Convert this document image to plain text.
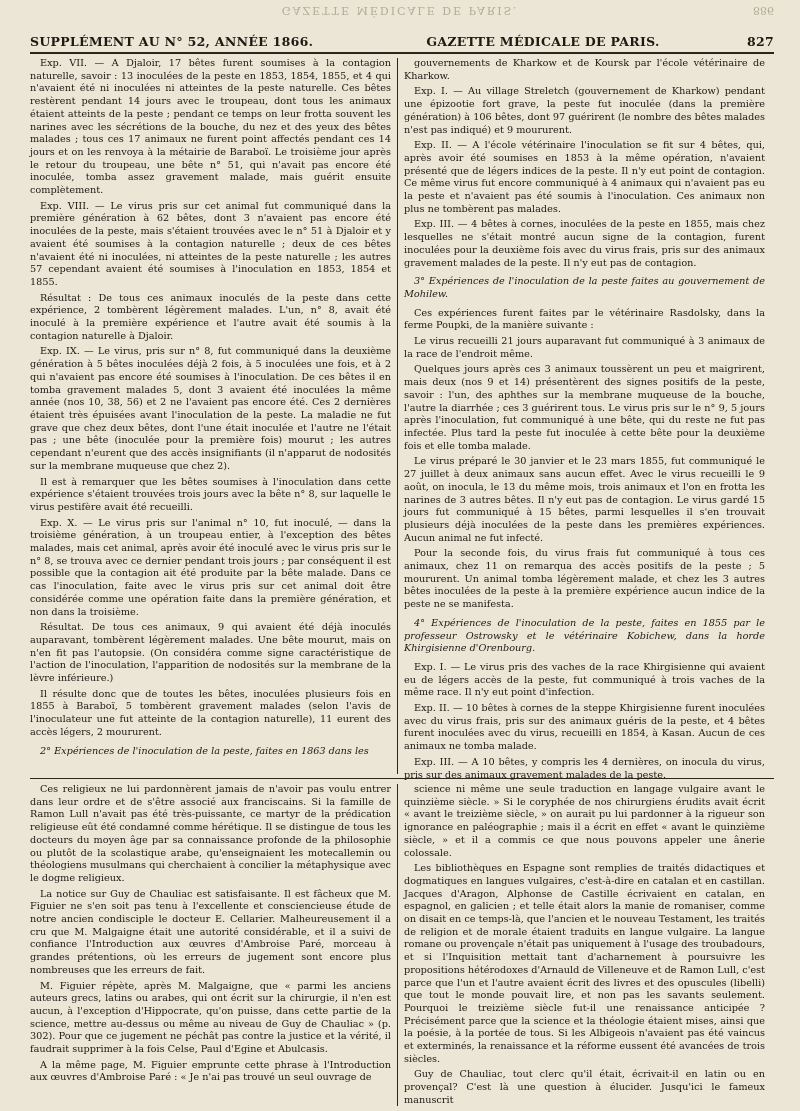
GAZETTE MÉDICALE DE PARIS.	886
SUPPLÉMENT AU N° 52, ANNÉE 1866.	GAZETTE MÉDICALE DE PARIS.	827

Exp. VII. — A Djaloir, 17 bêtes furent soumises à la contagion naturelle, savoir : 13 inoculées de la peste en 1853, 1854, 1855, et 4 qui n'avaient été ni inoculées ni atteintes de la peste naturelle. Ces bêtes restèrent pendant 14 jours avec le troupeau, dont tous les animaux étaient atteints de la peste ; pendant ce temps on leur frotta souvent les narines avec les sécrétions de la bouche, du nez et des yeux des bêtes malades ; tous ces 17 animaux ne furent point affectés pendant ces 14 jours et on les renvoya à la métairie de Baraboï. Le troisième jour après le retour du troupeau, une bête n° 51, qui n'avait pas encore été inoculée, tomba assez gravement malade, mais guérit ensuite complètement.

Exp. VIII. — Le virus pris sur cet animal fut communiqué dans la première génération à 62 bêtes, dont 3 n'avaient pas encore été inoculées de la peste, mais s'étaient trouvées avec le n° 51 à Djaloir et y avaient été soumises à la contagion naturelle ; deux de ces bêtes n'avaient été ni inoculées, ni atteintes de la peste naturelle ; les autres 57 cependant avaient été soumises à l'inoculation en 1853, 1854 et 1855.

Résultat : De tous ces animaux inoculés de la peste dans cette expérience, 2 tombèrent légèrement malades. L'un, n° 8, avait été inoculé à la première expérience et l'autre avait été soumis à la contagion naturelle à Djaloir.

Exp. IX. — Le virus, pris sur n° 8, fut communiqué dans la deuxième génération à 5 bêtes inoculées déjà 2 fois, à 5 inoculées une fois, et à 2 qui n'avaient pas encore été soumises à l'inoculation. De ces bêtes il en tomba gravement malades 5, dont 3 avaient été inoculées la même année (nos 10, 38, 56) et 2 ne l'avaient pas encore été. Ces 2 dernières étaient très épuisées avant l'inoculation de la peste. La maladie ne fut grave que chez deux bêtes, dont l'une était inoculée et l'autre ne l'était pas ; une bête (inoculée pour la première fois) mourut ; les autres cependant n'eurent que des accès insignifiants (il n'apparut de nodosités sur la membrane muqueuse que chez 2).

Il est à remarquer que les bêtes soumises à l'inoculation dans cette expérience s'étaient trouvées trois jours avec la bête n° 8, sur laquelle le virus pestifère avait été recueilli.

Exp. X. — Le virus pris sur l'animal n° 10, fut inoculé, — dans la troisième génération, à un troupeau entier, à l'exception des bêtes malades, mais cet animal, après avoir été inoculé avec le virus pris sur le n° 8, se trouva avec ce dernier pendant trois jours ; par conséquent il est possible que la contagion ait été produite par la bête malade. Dans ce cas l'inoculation, faite avec le virus pris sur cet animal doit être considérée comme une opération faite dans la première génération, et non dans la troisième.

Résultat. De tous ces animaux, 9 qui avaient été déjà inoculés auparavant, tombèrent légèrement malades. Une bête mourut, mais on n'en fit pas l'autopsie. (On considéra comme signe caractéristique de l'action de l'inoculation, l'apparition de nodosités sur la membrane de la lèvre inférieure.)

Il résulte donc que de toutes les bêtes, inoculées plusieurs fois en 1855 à Baraboï, 5 tombèrent gravement malades (selon l'avis de l'inoculateur une fut atteinte de la contagion naturelle), 11 eurent des accès légers, 2 moururent.

2° Expériences de l'inoculation de la peste, faites en 1863 dans les

gouvernements de Kharkow et de Koursk par l'école vétérinaire de Kharkow.

Exp. I. — Au village Streletch (gouvernement de Kharkow) pendant une épizootie fort grave, la peste fut inoculée (dans la première génération) à 106 bêtes, dont 97 guérirent (le nombre des bêtes malades n'est pas indiqué) et 9 moururent.

Exp. II. — A l'école vétérinaire l'inoculation se fit sur 4 bêtes, qui, après avoir été soumises en 1853 à la même opération, n'avaient présenté que de légers indices de la peste. Il n'y eut point de contagion. Ce même virus fut encore communiqué à 4 animaux qui n'avaient pas eu la peste et n'avaient pas été soumis à l'inoculation. Ces animaux non plus ne tombèrent pas malades.

Exp. III. — 4 bêtes à cornes, inoculées de la peste en 1855, mais chez lesquelles ne s'était montré aucun signe de la contagion, furent inoculées pour la deuxième fois avec du virus frais, pris sur des animaux gravement malades de la peste. Il n'y eut pas de contagion.

3° Expériences de l'inoculation de la peste faites au gouvernement de Mohilew.

Ces expériences furent faites par le vétérinaire Rasdolsky, dans la ferme Poupki, de la manière suivante :

Le virus recueilli 21 jours auparavant fut communiqué à 3 animaux de la race de l'endroit même.

Quelques jours après ces 3 animaux toussèrent un peu et maigrirent, mais deux (nos 9 et 14) présentèrent des signes positifs de la peste, savoir : l'un, des aphthes sur la membrane muqueuse de la bouche, l'autre la diarrhée ; ces 3 guérirent tous. Le virus pris sur le n° 9, 5 jours après l'inoculation, fut communiqué à une bête, qui du reste ne fut pas infectée. Plus tard la peste fut inoculée à cette bête pour la deuxième fois et elle tomba malade.

Le virus préparé le 30 janvier et le 23 mars 1855, fut communiqué le 27 juillet à deux animaux sans aucun effet. Avec le virus recueilli le 9 août, on inocula, le 13 du même mois, trois animaux et l'on en frotta les narines de 3 autres bêtes. Il n'y eut pas de contagion. Le virus gardé 15 jours fut communiqué à 15 bêtes, parmi lesquelles il s'en trouvait plusieurs déjà inoculées de la peste dans les premières expériences. Aucun animal ne fut infecté.

Pour la seconde fois, du virus frais fut communiqué à tous ces animaux, chez 11 on remarqua des accès positifs de la peste ; 5 moururent. Un animal tomba légèrement malade, et chez les 3 autres bêtes inoculées de la peste à la première expérience aucun indice de la peste ne se manifesta.

4° Expériences de l'inoculation de la peste, faites en 1855 par le professeur Ostrowsky et le vétérinaire Kobichew, dans la horde Khirgisienne d'Orenbourg.

Exp. I. — Le virus pris des vaches de la race Khirgisienne qui avaient eu de légers accès de la peste, fut communiqué à trois vaches de la même race. Il n'y eut point d'infection.

Exp. II. — 10 bêtes à cornes de la steppe Khirgisienne furent inoculées avec du virus frais, pris sur des animaux guéris de la peste, et 4 bêtes furent inoculées avec du virus, recueilli en 1854, à Kasan. Aucun de ces animaux ne tomba malade.

Exp. III. — A 10 bêtes, y compris les 4 dernières, on inocula du virus, pris sur des animaux gravement malades de la peste.

Ces religieux ne lui pardonnèrent jamais de n'avoir pas voulu entrer dans leur ordre et de s'être associé aux franciscains. Si la famille de Ramon Lull n'avait pas été très-puissante, ce martyr de la prédication religieuse eût été condamné comme hérétique. Il se distingue de tous les docteurs du moyen âge par sa connaissance profonde de la philosophie ou plutôt de la scolastique arabe, qu'enseignaient les motecallemin ou théologiens musulmans qui cherchaient à concilier la métaphysique avec le dogme religieux.

La notice sur Guy de Chauliac est satisfaisante. Il est fâcheux que M. Figuier ne s'en soit pas tenu à l'excellente et consciencieuse étude de notre ancien condisciple le docteur E. Cellarier. Malheureusement il a cru que M. Malgaigne était une autorité considérable, et il a suivi de confiance l'Introduction aux œuvres d'Ambroise Paré, morceau à grandes prétentions, où les erreurs de jugement sont encore plus nombreuses que les erreurs de fait.

M. Figuier répète, après M. Malgaigne, que « parmi les anciens auteurs grecs, latins ou arabes, qui ont écrit sur la chirurgie, il n'en est aucun, à l'exception d'Hippocrate, qu'on puisse, dans cette partie de la science, mettre au-dessus ou même au niveau de Guy de Chauliac » (p. 302). Pour que ce jugement ne péchât pas contre la justice et la vérité, il faudrait supprimer à la fois Celse, Paul d'Egine et Abulcasis.

A la même page, M. Figuier emprunte cette phrase à l'Introduction aux œuvres d'Ambroise Paré : « Je n'ai pas trouvé un seul ouvrage de

science ni même une seule traduction en langage vulgaire avant le quinzième siècle. » Si le coryphée de nos chirurgiens érudits avait écrit « avant le treizième siècle, » on aurait pu lui pardonner à la rigueur son ignorance en paléographie ; mais il a écrit en effet « avant le quinzième siècle, » et il a commis ce que nous pouvons appeler une ânerie colossale.

Les bibliothèques en Espagne sont remplies de traités didactiques et dogmatiques en langues vulgaires, c'est-à-dire en catalan et en castillan. Jacques d'Aragon, Alphonse de Castille écrivaient en catalan, en espagnol, en galicien ; et telle était alors la manie de romaniser, comme on disait en ce temps-là, que l'ancien et le nouveau Testament, les traités de religion et de morale étaient traduits en langue vulgaire. La langue romane ou provençale n'était pas uniquement à l'usage des troubadours, et si l'Inquisition mettait tant d'acharnement à poursuivre les propositions hétérodoxes d'Arnauld de Villeneuve et de Ramon Lull, c'est parce que l'un et l'autre avaient écrit des livres et des opuscules (libelli) que tout le monde pouvait lire, et non pas les savants seulement. Pourquoi le treizième siècle fut-il une renaissance anticipée ? Précisément parce que la science et la théologie étaient mises, ainsi que la poésie, à la portée de tous. Si les Albigeois n'avaient pas été vaincus et exterminés, la renaissance et la réforme eussent été avancées de trois siècles.

Guy de Chauliac, tout clerc qu'il était, écrivait-il en latin ou en provençal? C'est là une question à élucider. Jusqu'ici le fameux manuscrit
